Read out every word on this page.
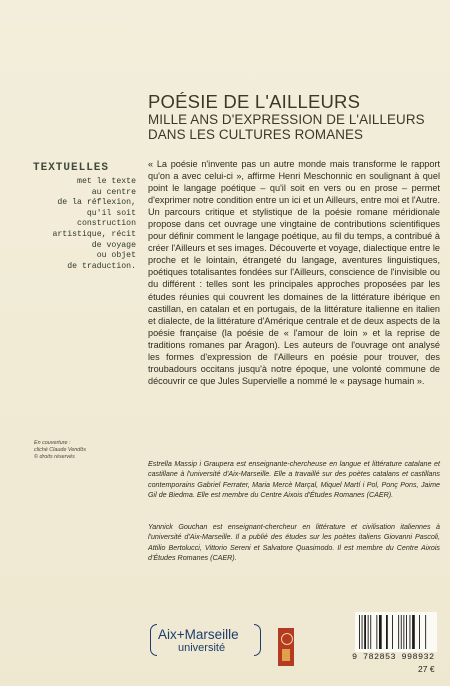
POÉSIE DE L'AILLEURS
MILLE ANS D'EXPRESSION DE L'AILLEURS DANS LES CULTURES ROMANES
TEXTUELLES
met le texte
au centre
de la réflexion,
qu'il soit
construction
artistique, récit
de voyage
ou objet
de traduction.

« La poésie n'invente pas un autre monde mais transforme le rapport qu'on a avec celui-ci », affirme Henri Meschonnic en soulignant à quel point le langage poétique – qu'il soit en vers ou en prose – permet d'exprimer notre condition entre un ici et un Ailleurs, entre moi et l'Autre. Un parcours critique et stylistique de la poésie romane méridionale propose dans cet ouvrage une vingtaine de contributions scientifiques pour définir comment le langage poétique, au fil du temps, a contribué à créer l'Ailleurs et ses images. Découverte et voyage, dialectique entre le proche et le lointain, étrangeté du langage, aventures linguistiques, poétiques totalisantes fondées sur l'Ailleurs, conscience de l'invisible ou du différent : telles sont les principales approches proposées par les études réunies qui couvrent les domaines de la littérature ibérique en castillan, en catalan et en portugais, de la littérature italienne en italien et dialecte, de la littérature d'Amérique centrale et de deux aspects de la poésie française (la poésie de « l'amour de loin » et la reprise de traditions romanes par Aragon). Les auteurs de l'ouvrage ont analysé les formes d'expression de l'Ailleurs en poésie pour trouver, des troubadours occitans jusqu'à notre époque, une volonté commune de découvrir ce que Jules Supervielle a nommé le « paysage humain ».

En couverture :
cliché Claude Vendôs
© droits réservés
Estrella Massip i Graupera est enseignante-chercheuse en langue et littérature catalane et castillane à l'université d'Aix-Marseille. Elle a travaillé sur des poètes catalans et castillans contemporains Gabriel Ferrater, Maria Mercè Marçal, Miquel Martí i Pol, Ponç Pons, Jaime Gil de Biedma. Elle est membre du Centre Aixois d'Études Romanes (CAER).
Yannick Gouchan est enseignant-chercheur en littérature et civilisation italiennes à l'université d'Aix-Marseille. Il a publié des études sur les poètes italiens Giovanni Pascoli, Attilio Bertolucci, Vittorio Sereni et Salvatore Quasimodo. Il est membre du Centre Aixois d'Études Romanes (CAER).
Aix+Marseille
université
9 782853 998932
27 €
